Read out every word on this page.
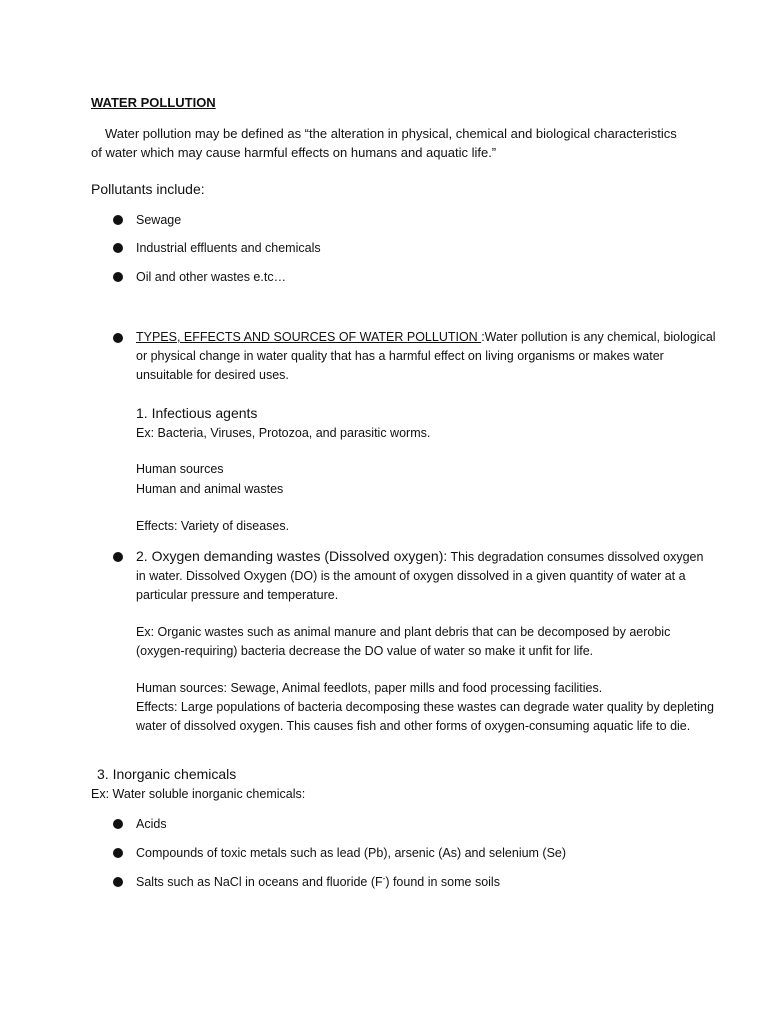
WATER POLLUTION
Water pollution may be defined as “the alteration in physical, chemical and biological characteristics of water which may cause harmful effects on humans and aquatic life.”
Pollutants include:
Sewage
Industrial effluents and chemicals
Oil and other wastes e.tc…
TYPES, EFFECTS AND SOURCES OF WATER POLLUTION :Water pollution is any chemical, biological or physical change in water quality that has a harmful effect on living organisms or makes water unsuitable for desired uses.
1. Infectious agents
Ex: Bacteria, Viruses, Protozoa, and parasitic worms.
Human sources
Human and animal wastes
Effects: Variety of diseases.
2. Oxygen demanding wastes (Dissolved oxygen): This degradation consumes dissolved oxygen in water. Dissolved Oxygen (DO) is the amount of oxygen dissolved in a given quantity of water at a particular pressure and temperature.
Ex: Organic wastes such as animal manure and plant debris that can be decomposed by aerobic (oxygen-requiring) bacteria decrease the DO value of water so make it unfit for life.
Human sources: Sewage, Animal feedlots, paper mills and food processing facilities.
Effects: Large populations of bacteria decomposing these wastes can degrade water quality by depleting water of dissolved oxygen. This causes fish and other forms of oxygen-consuming aquatic life to die.
3. Inorganic chemicals
Ex: Water soluble inorganic chemicals:
Acids
Compounds of toxic metals such as lead (Pb), arsenic (As) and selenium (Se)
Salts such as NaCl in oceans and fluoride (F-) found in some soils
